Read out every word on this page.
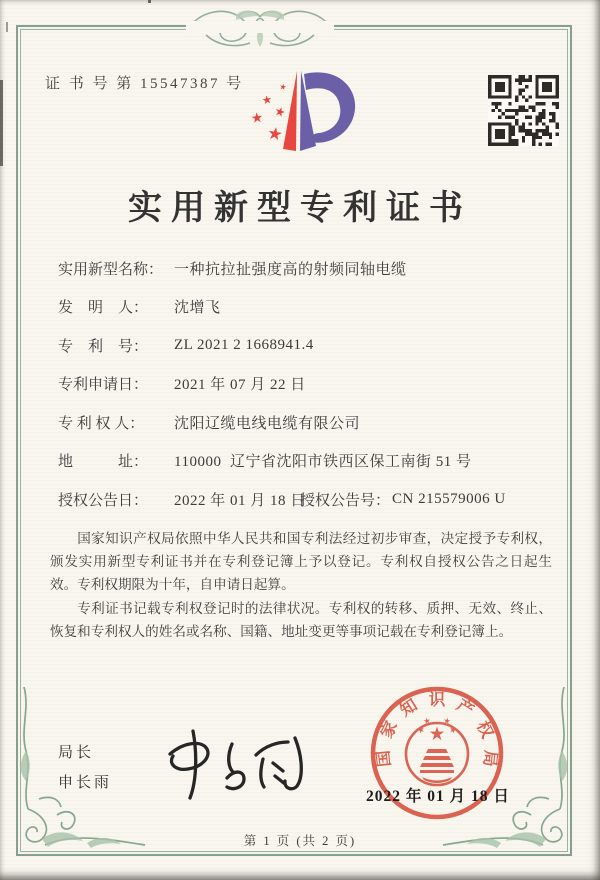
证 书 号 第 15547387 号
实用新型专利证书
实用新型名称： 一种抗拉扯强度高的射频同轴电缆
发　明　人：	沈增飞
专　利　号：	ZL 2021 2 1668941.4
专利申请日：	2021 年 07 月 22 日
专 利 权 人：	沈阳辽缆电线电缆有限公司
地　　　址：	110000  辽宁省沈阳市铁西区保工南街 51 号
授权公告日：	2022 年 01 月 18 日
授权公告号： CN 215579006 U

国家知识产权局依照中华人民共和国专利法经过初步审查，决定授予专利权，颁发实用新型专利证书并在专利登记簿上予以登记。专利权自授权公告之日起生效。专利权期限为十年，自申请日起算。

专利证书记载专利权登记时的法律状况。专利权的转移、质押、无效、终止、恢复和专利权人的姓名或名称、国籍、地址变更等事项记载在专利登记簿上。

局长
申长雨
国
家
知 识 产
权
局
2022 年 01 月 18 日
第 1 页 (共 2 页)
